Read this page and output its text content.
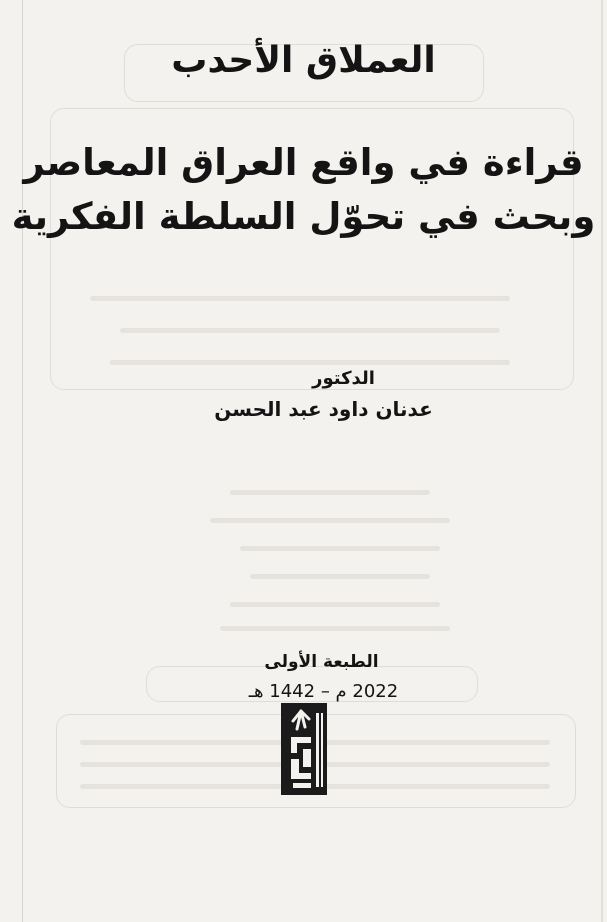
العملاق الأحدب
قراءة في واقع العراق المعاصر
وبحث في تحوّل السلطة الفكرية
الدكتور
عدنان داود عبد الحسن
الطبعة الأولى
2022 م – 1442 هـ
